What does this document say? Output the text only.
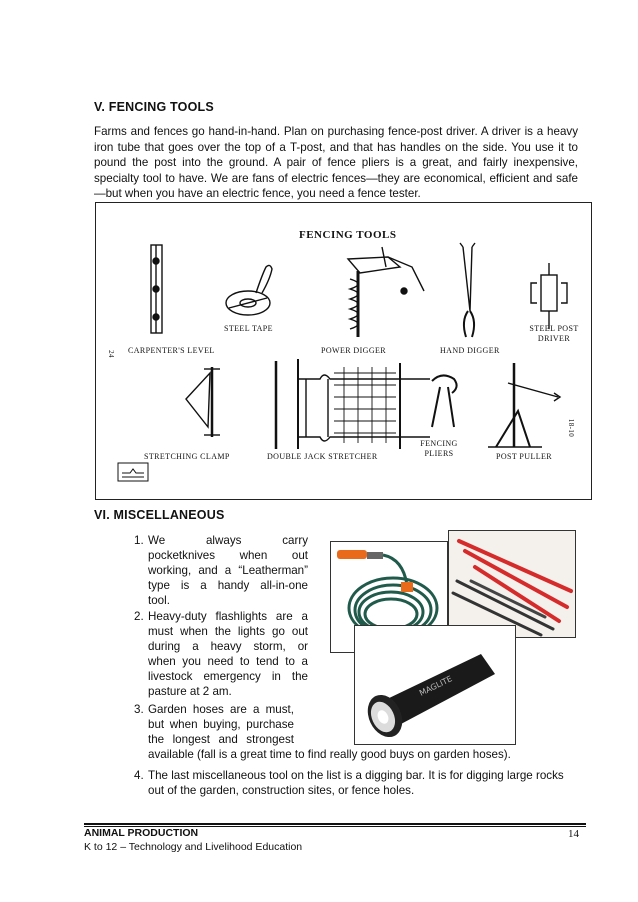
V. FENCING TOOLS
Farms and fences go hand-in-hand. Plan on purchasing fence-post driver. A driver is a heavy iron tube that goes over the top of a T-post, and that has handles on the side. You use it to pound the post into the ground. A pair of fence pliers is a great, and fairly inexpensive, specialty tool to have. We are fans of electric fences—they are economical, efficient and safe—but when you have an electric fence, you need a fence tester.
FENCING TOOLS
STEEL TAPE
CARPENTER'S LEVEL	POWER DIGGER	HAND DIGGER
STEEL POST
DRIVER
STRETCHING CLAMP	DOUBLE JACK STRETCHER
FENCING
PLIERS	POST PULLER
24
18-10
VI. MISCELLANEOUS
MAGLITE
1. We always carry
pocketknives when out
working, and a “Leatherman”
type is a handy all-in-one
tool.
2. Heavy-duty flashlights are a
must when the lights go out
during a heavy storm, or
when you need to tend to a
livestock emergency in the
pasture at 2 am.
3. Garden hoses are a must,
but when buying, purchase
the longest and strongest
available (fall is a great time to find really good buys on garden hoses).
4. The last miscellaneous tool on the list is a digging bar. It is for digging large rocks
out of the garden, construction sites, or fence holes.
ANIMAL PRODUCTION	14
K to 12 – Technology and Livelihood Education
